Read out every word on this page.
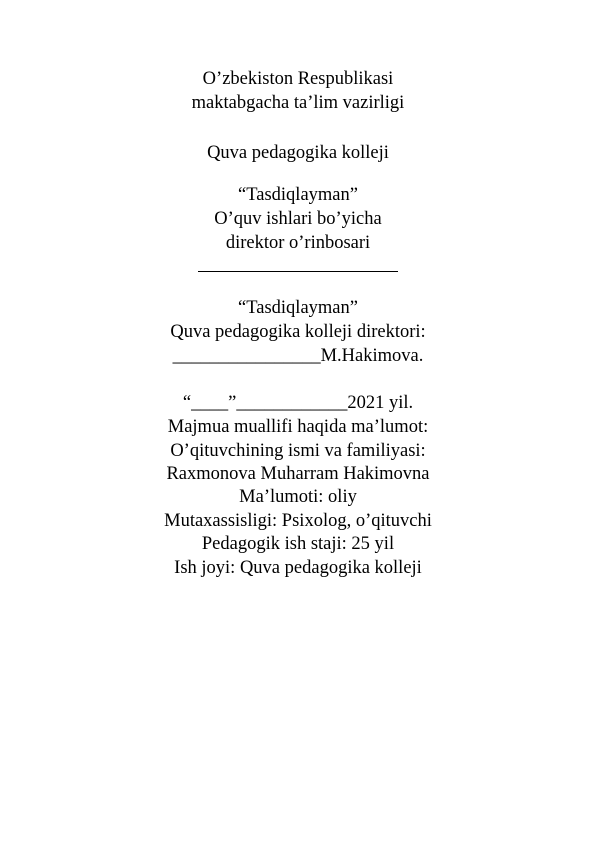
O’zbekiston Respublikasi
maktabgacha ta’lim vazirligi
Quva pedagogika kolleji
“Tasdiqlayman”
O’quv ishlari bo’yicha
direktor o’rinbosari
“Tasdiqlayman”
Quva pedagogika kolleji direktori:
________________M.Hakimova.
“____”____________2021 yil.
Majmua muallifi haqida ma’lumot:
O’qituvchining ismi va familiyasi:
Raxmonova Muharram Hakimovna
Ma’lumoti: oliy
Mutaxassisligi: Psixolog, o’qituvchi
Pedagogik ish staji: 25 yil
Ish joyi: Quva pedagogika kolleji
